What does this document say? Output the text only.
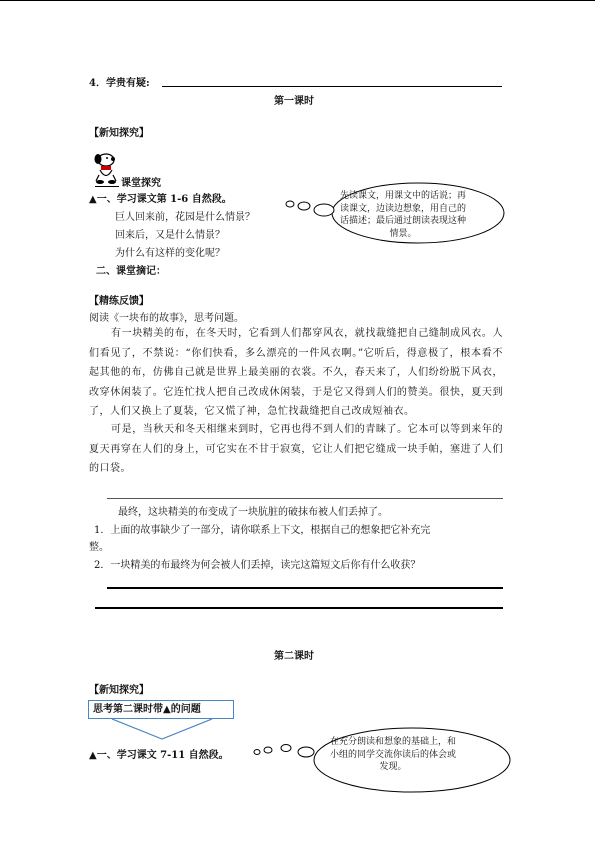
4．学贵有疑:
第一课时
【新知探究】
课堂探究
▲一、学习课文第 1-6 自然段。
巨人回来前，花园是什么情景？
回来后，又是什么情景？
为什么有这样的变化呢？
二、课堂摘记：
先读课文，用课文中的话说；再读课文，边读边想象，用自己的话描述；最后通过朗读表现这种情景。
【精练反馈】
阅读《一块布的故事》，思考问题。
有一块精美的布，在冬天时，它看到人们都穿风衣，就找裁缝把自己缝制成风衣。人们看见了，不禁说：“你们快看，多么漂亮的一件风衣啊。”它听后，得意极了，根本看不起其他的布，仿佛自己就是世界上最美丽的衣裳。不久，春天来了，人们纷纷脱下风衣，改穿休闲装了。它连忙找人把自己改成休闲装，于是它又得到人们的赞美。很快，夏天到了，人们又换上了夏装，它又慌了神，急忙找裁缝把自己改成短袖衣。
可是，当秋天和冬天相继来到时，它再也得不到人们的青睐了。它本可以等到来年的夏天再穿在人们的身上，可它实在不甘于寂寞，它让人们把它缝成一块手帕，塞进了人们的口袋。
最终，这块精美的布变成了一块肮脏的破抹布被人们丢掉了。
1．上面的故事缺少了一部分，请你联系上下文，根据自己的想象把它补充完
整。
2．一块精美的布最终为何会被人们丢掉，读完这篇短文后你有什么收获？
第二课时
【新知探究】
思考第二课时带▲的问题
▲一、学习课文 7-11 自然段。
在充分朗读和想象的基础上，和小组的同学交流你读后的体会或发现。
